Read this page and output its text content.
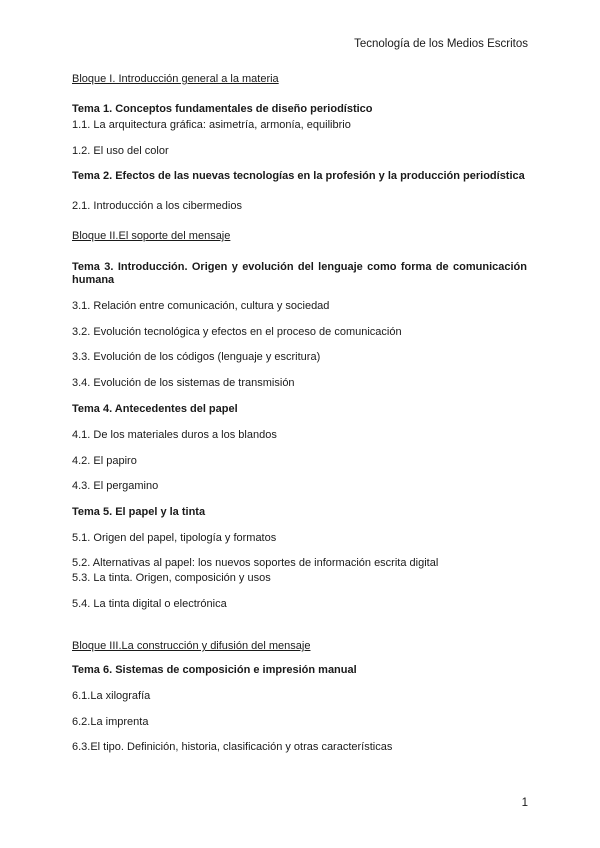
Tecnología de los Medios Escritos
Bloque I. Introducción general a la materia
Tema 1. Conceptos fundamentales de diseño periodístico
1.1. La arquitectura gráfica: asimetría, armonía, equilibrio
1.2. El uso del color
Tema 2. Efectos de las nuevas tecnologías en la profesión y la producción periodística
2.1. Introducción a los cibermedios
Bloque II.El soporte del mensaje
Tema 3. Introducción. Origen y evolución del lenguaje como forma de comunicación humana
3.1. Relación entre comunicación, cultura y sociedad
3.2. Evolución tecnológica y efectos en el proceso de comunicación
3.3. Evolución de los códigos (lenguaje y escritura)
3.4. Evolución de los sistemas de transmisión
Tema 4. Antecedentes del papel
4.1. De los materiales duros a los blandos
4.2. El papiro
4.3. El pergamino
Tema 5. El papel y la tinta
5.1. Origen del papel, tipología y formatos
5.2. Alternativas al papel: los nuevos soportes de información escrita digital
5.3. La tinta. Origen, composición y usos
5.4. La tinta digital o electrónica
Bloque III.La construcción y difusión del mensaje
Tema 6. Sistemas de composición e impresión manual
6.1.La xilografía
6.2.La imprenta
6.3.El tipo. Definición, historia, clasificación y otras características
1
